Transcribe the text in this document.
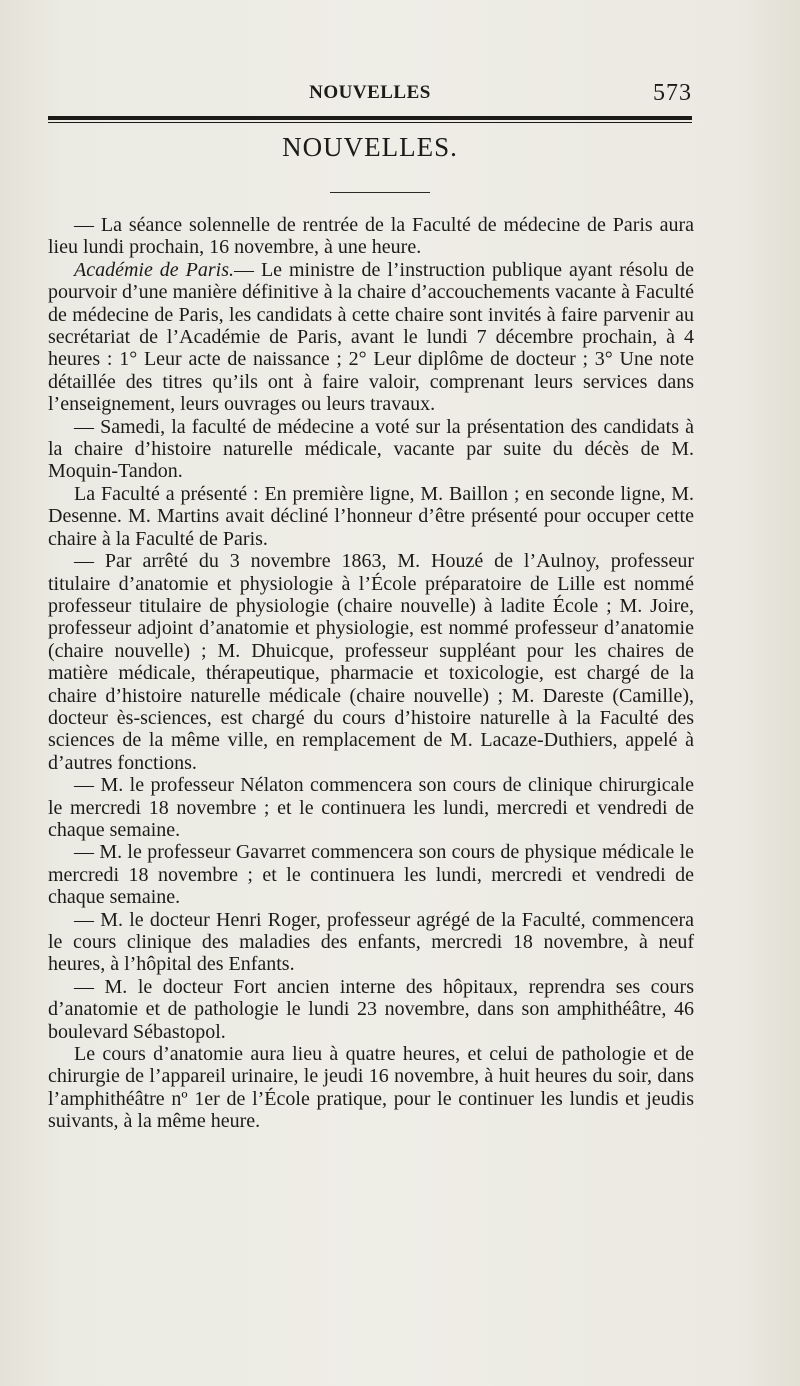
NOUVELLES	573
NOUVELLES.

— La séance solennelle de rentrée de la Faculté de médecine de Paris aura lieu lundi prochain, 16 novembre, à une heure.

Académie de Paris.— Le ministre de l’instruction publique ayant résolu de pourvoir d’une manière définitive à la chaire d’accouchements vacante à Faculté de médecine de Paris, les candidats à cette chaire sont invités à faire parvenir au secrétariat de l’Académie de Paris, avant le lundi 7 décembre prochain, à 4 heures : 1° Leur acte de naissance ; 2° Leur diplôme de docteur ; 3° Une note détaillée des titres qu’ils ont à faire valoir, comprenant leurs services dans l’enseignement, leurs ouvrages ou leurs travaux.

— Samedi, la faculté de médecine a voté sur la présentation des candidats à la chaire d’histoire naturelle médicale, vacante par suite du décès de M. Moquin-Tandon.

La Faculté a présenté : En première ligne, M. Baillon ; en seconde ligne, M. Desenne. M. Martins avait décliné l’honneur d’être présenté pour occuper cette chaire à la Faculté de Paris.

— Par arrêté du 3 novembre 1863, M. Houzé de l’Aulnoy, professeur titulaire d’anatomie et physiologie à l’École préparatoire de Lille est nommé professeur titulaire de physiologie (chaire nouvelle) à ladite École ; M. Joire, professeur adjoint d’anatomie et physiologie, est nommé professeur d’anatomie (chaire nouvelle) ; M. Dhuicque, professeur suppléant pour les chaires de matière médicale, thérapeutique, pharmacie et toxicologie, est chargé de la chaire d’histoire naturelle médicale (chaire nouvelle) ; M. Dareste (Camille), docteur ès-sciences, est chargé du cours d’histoire naturelle à la Faculté des sciences de la même ville, en remplacement de M. Lacaze-Duthiers, appelé à d’autres fonctions.

— M. le professeur Nélaton commencera son cours de clinique chirurgicale le mercredi 18 novembre ; et le continuera les lundi, mercredi et vendredi de chaque semaine.

— M. le professeur Gavarret commencera son cours de physique médicale le mercredi 18 novembre ; et le continuera les lundi, mercredi et vendredi de chaque semaine.

— M. le docteur Henri Roger, professeur agrégé de la Faculté, commencera le cours clinique des maladies des enfants, mercredi 18 novembre, à neuf heures, à l’hôpital des Enfants.

— M. le docteur Fort ancien interne des hôpitaux, reprendra ses cours d’anatomie et de pathologie le lundi 23 novembre, dans son amphithéâtre, 46 boulevard Sébastopol.

Le cours d’anatomie aura lieu à quatre heures, et celui de pathologie et de chirurgie de l’appareil urinaire, le jeudi 16 novembre, à huit heures du soir, dans l’amphithéâtre nº 1er de l’École pratique, pour le continuer les lundis et jeudis suivants, à la même heure.
